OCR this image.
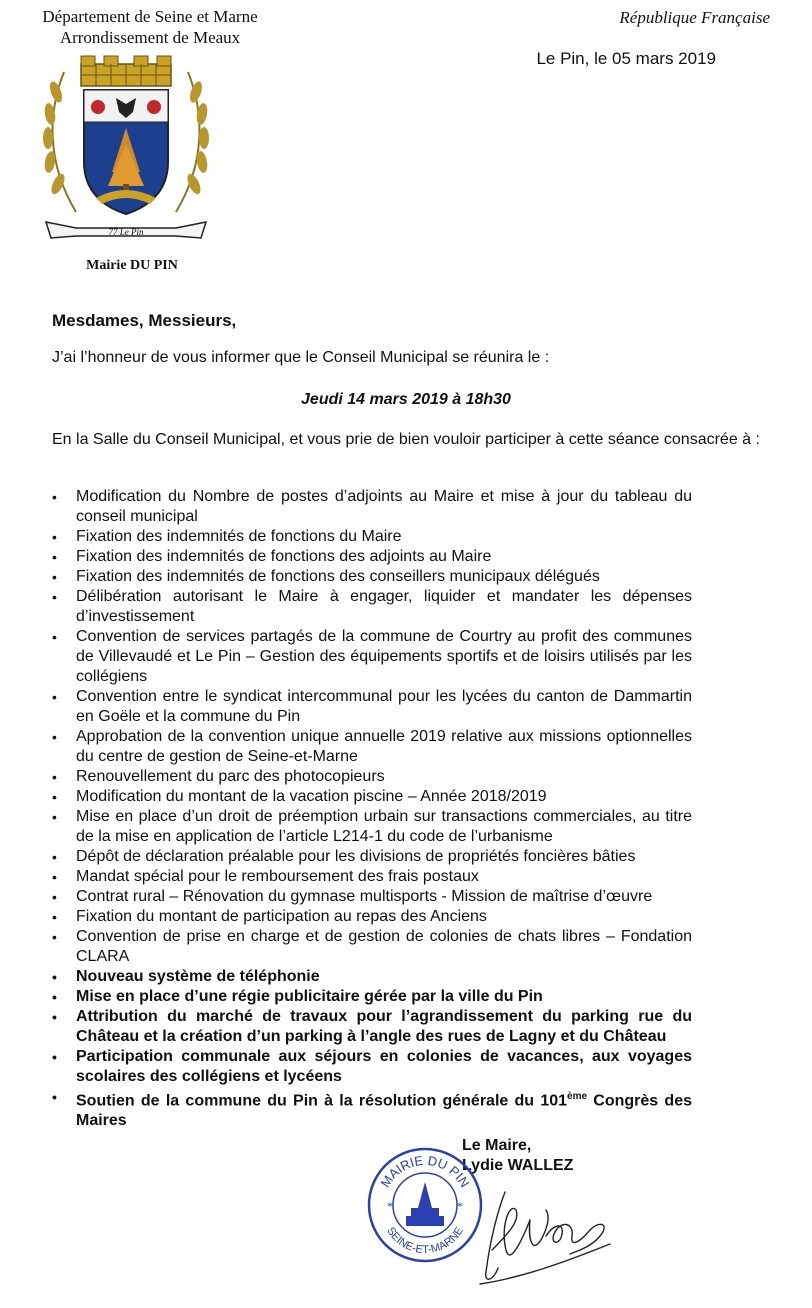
Département de Seine et Marne
Arrondissement de Meaux
République Française
Le Pin, le 05 mars 2019
77 Le Pin
Mairie DU PIN
Mesdames, Messieurs,
J’ai l’honneur de vous informer que le Conseil Municipal se réunira le :
Jeudi 14 mars 2019 à 18h30
En la Salle du Conseil Municipal, et vous prie de bien vouloir participer à cette séance consacrée à :
• Modification du Nombre de postes d’adjoints au Maire et mise à jour du tableau du conseil municipal
• Fixation des indemnités de fonctions du Maire
• Fixation des indemnités de fonctions des adjoints au Maire
• Fixation des indemnités de fonctions des conseillers municipaux délégués
• Délibération autorisant le Maire à engager, liquider et mandater les dépenses d’investissement
• Convention de services partagés de la commune de Courtry au profit des communes de Villevaudé et Le Pin – Gestion des équipements sportifs et de loisirs utilisés par les collégiens
• Convention entre le syndicat intercommunal pour les lycées du canton de Dammartin en Goële et la commune du Pin
• Approbation de la convention unique annuelle 2019 relative aux missions optionnelles du centre de gestion de Seine-et-Marne
• Renouvellement du parc des photocopieurs
• Modification du montant de la vacation piscine – Année 2018/2019
• Mise en place d’un droit de préemption urbain sur transactions commerciales, au titre de la mise en application de l’article L214-1 du code de l’urbanisme
• Dépôt de déclaration préalable pour les divisions de propriétés foncières bâties
• Mandat spécial pour le remboursement des frais postaux
• Contrat rural – Rénovation du gymnase multisports - Mission de maîtrise d’œuvre
• Fixation du montant de participation au repas des Anciens
• Convention de prise en charge et de gestion de colonies de chats libres – Fondation CLARA
• Nouveau système de téléphonie
• Mise en place d’une régie publicitaire gérée par la ville du Pin
• Attribution du marché de travaux pour l’agrandissement du parking rue du Château et la création d’un parking à l’angle des rues de Lagny et du Château
• Participation communale aux séjours en colonies de vacances, aux voyages scolaires des collégiens et lycéens
• Soutien de la commune du Pin à la résolution générale du 101ème Congrès des Maires
Le Maire,
Lydie WALLEZ
MAIRIE DU PIN
SEINE-ET-MARNE
*	*
